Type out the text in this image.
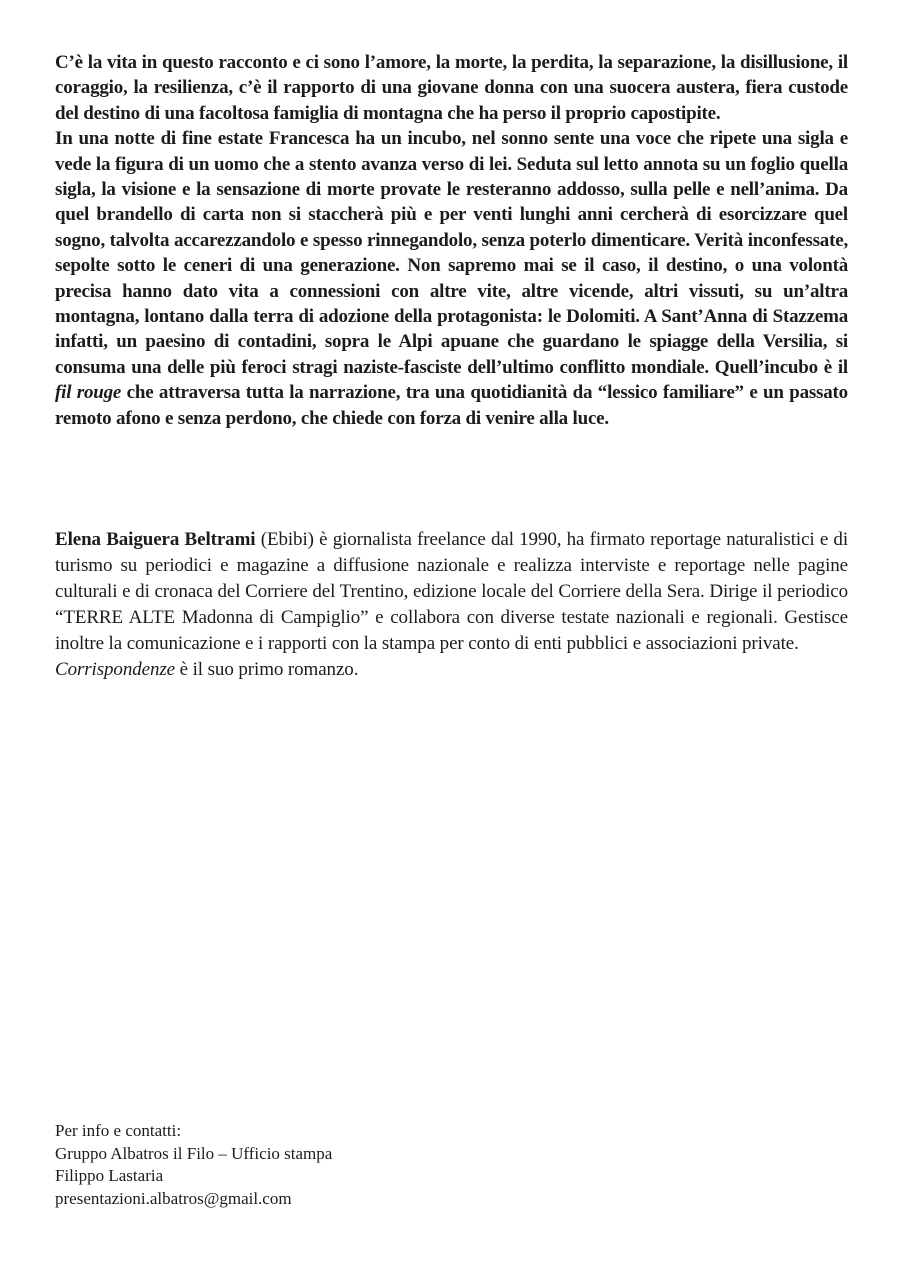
C’è la vita in questo racconto e ci sono l’amore, la morte, la perdita, la separazione, la disillusione, il coraggio, la resilienza, c’è il rapporto di una giovane donna con una suocera austera, fiera custode del destino di una facoltosa famiglia di montagna che ha perso il proprio capostipite.

In una notte di fine estate Francesca ha un incubo, nel sonno sente una voce che ripete una sigla e vede la figura di un uomo che a stento avanza verso di lei. Seduta sul letto annota su un foglio quella sigla, la visione e la sensazione di morte provate le resteranno addosso, sulla pelle e nell’anima. Da quel brandello di carta non si staccherà più e per venti lunghi anni cercherà di esorcizzare quel sogno, talvolta accarezzandolo e spesso rinnegandolo, senza poterlo dimenticare. Verità inconfessate, sepolte sotto le ceneri di una generazione. Non sapremo mai se il caso, il destino, o una volontà precisa hanno dato vita a connessioni con altre vite, altre vicende, altri vissuti, su un’altra montagna, lontano dalla terra di adozione della protagonista: le Dolomiti. A Sant’Anna di Stazzema infatti, un paesino di contadini, sopra le Alpi apuane che guardano le spiagge della Versilia, si consuma una delle più feroci stragi naziste-fasciste dell’ultimo conflitto mondiale. Quell’incubo è il fil rouge che attraversa tutta la narrazione, tra una quotidianità da “lessico familiare” e un passato remoto afono e senza perdono, che chiede con forza di venire alla luce.

Elena Baiguera Beltrami (Ebibi) è giornalista freelance dal 1990, ha firmato reportage naturalistici e di turismo su periodici e magazine a diffusione nazionale e realizza interviste e reportage nelle pagine culturali e di cronaca del Corriere del Trentino, edizione locale del Corriere della Sera. Dirige il periodico “TERRE ALTE Madonna di Campiglio” e collabora con diverse testate nazionali e regionali. Gestisce inoltre la comunicazione e i rapporti con la stampa per conto di enti pubblici e associazioni private.

Corrispondenze è il suo primo romanzo.

Per info e contatti:

Gruppo Albatros il Filo – Ufficio stampa

Filippo Lastaria

presentazioni.albatros@gmail.com
